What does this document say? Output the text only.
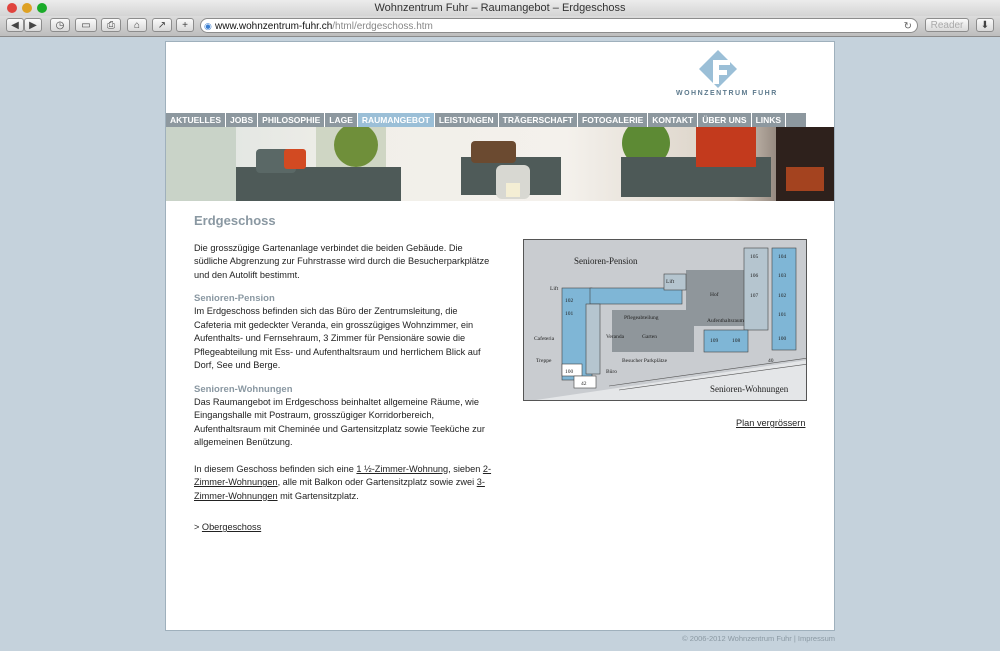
Wohnzentrum Fuhr – Raumangebot – Erdgeschoss
◀	▶	◷	▭	⎙	⌂	↗	+	◉ www.wohnzentrum-fuhr.ch/html/erdgeschoss.htm	↻	Reader	⬇
WOHNZENTRUM FUHR
AKTUELLES	JOBS	PHILOSOPHIE	LAGE	RAUMANGEBOT	LEISTUNGEN	TRÄGERSCHAFT	FOTOGALERIE	KONTAKT	ÜBER UNS	LINKS
Erdgeschoss

Die grosszügige Gartenanlage verbindet die beiden Gebäude. Die südliche Abgrenzung zur Fuhrstrasse wird durch die Besucherparkplätze und den Autolift bestimmt.

Senioren-Pension

Im Erdgeschoss befinden sich das Büro der Zentrumsleitung, die Cafeteria mit gedeckter Veranda, ein grosszügiges Wohnzimmer, ein Aufenthalts- und Fernsehraum, 3 Zimmer für Pensionäre sowie die Pflegeabteilung mit Ess- und Aufenthaltsraum und herrlichem Blick auf Dorf, See und Berge.

Senioren-Wohnungen

Das Raumangebot im Erdgeschoss beinhaltet allgemeine Räume, wie Eingangshalle mit Postraum, grosszügiger Korridorbereich, Aufenthaltsraum mit Cheminée und Gartensitzplatz sowie Teeküche zur allgemeinen Benützung.

In diesem Geschoss befinden sich eine 1 ½-Zimmer-Wohnung, sieben 2-Zimmer-Wohnungen, alle mit Balkon oder Gartensitzplatz sowie zwei 3-Zimmer-Wohnungen mit Gartensitzplatz.

> Obergeschoss

Senioren-Pension
Senioren-Wohnungen
Lift
Lift
Pflegeabteilung
Hof
Aufenthaltsraum
Cafeteria	Veranda	Garten
Treppe	Besucher Parkplätze
Büro
102
101
100
42
105
106
107
104
103
102
101
100
109	108
40
Plan vergrössern
© 2006-2012 Wohnzentrum Fuhr | Impressum
